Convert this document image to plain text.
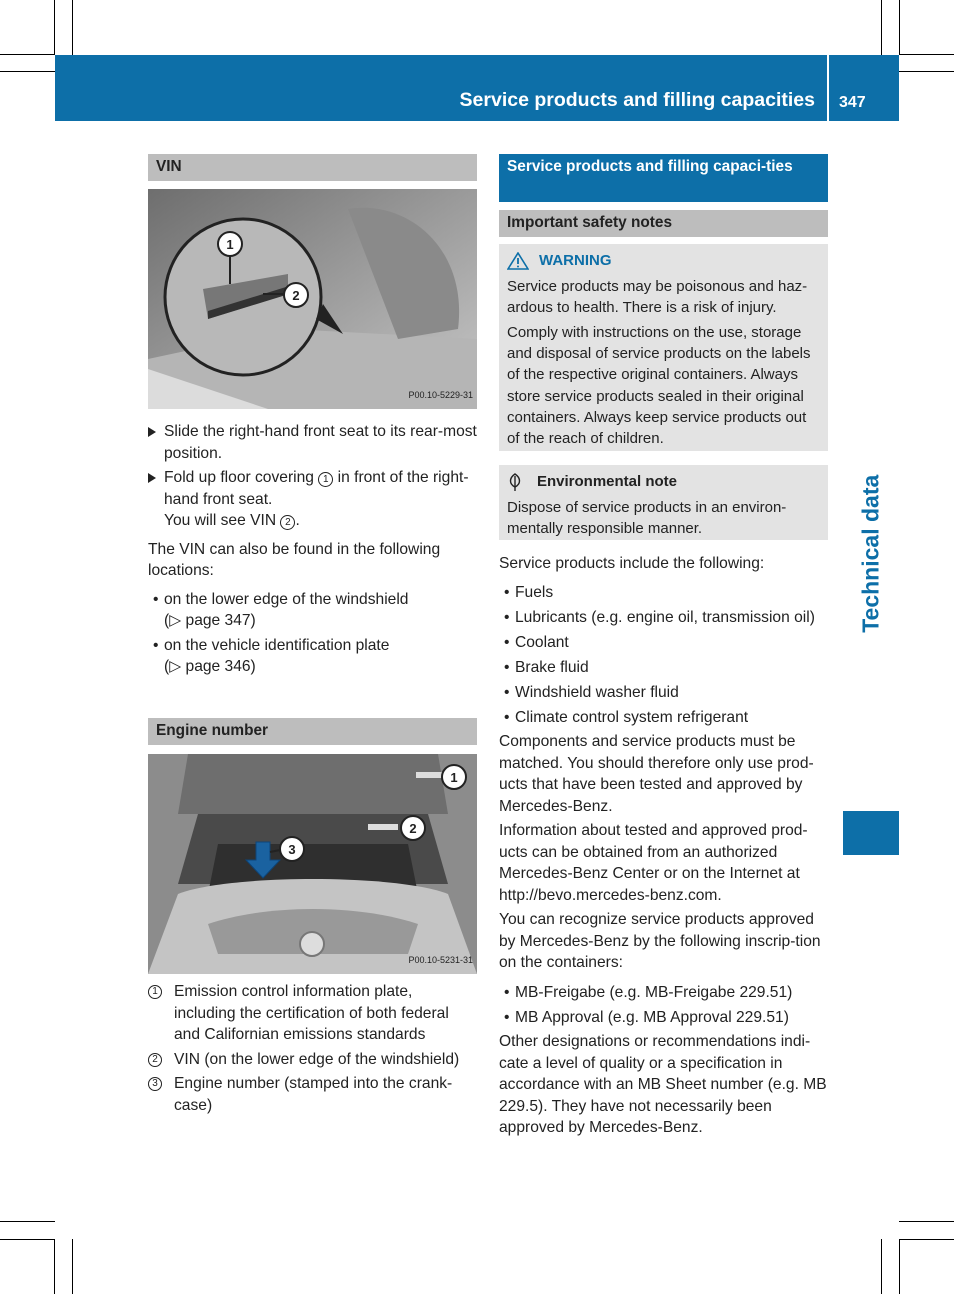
Service products and filling capacities 347
Technical data
VIN
1
2
P00.10-5229-31
Slide the right-hand front seat to its rear-most position.
Fold up floor covering 1 in front of the right-hand front seat.
You will see VIN 2 .

The VIN can also be found in the following locations:

• on the lower edge of the windshield
(▷ page 347)
• on the vehicle identification plate
(▷ page 346)
Engine number
3
1
2
P00.10-5231-31
1 Emission control information plate, including the certification of both federal and Californian emissions standards
2 VIN (on the lower edge of the windshield)
3 Engine number (stamped into the crank-case)
Service products and filling capaci-ties
Important safety notes
WARNING

Service products may be poisonous and haz-ardous to health. There is a risk of injury.

Comply with instructions on the use, storage and disposal of service products on the labels of the respective original containers. Always store service products sealed in their original containers. Always keep service products out of the reach of children.

Environmental note

Dispose of service products in an environ-mentally responsible manner.

Service products include the following:

• Fuels
• Lubricants (e.g. engine oil, transmission oil)
• Coolant
• Brake fluid
• Windshield washer fluid
• Climate control system refrigerant

Components and service products must be matched. You should therefore only use prod-ucts that have been tested and approved by Mercedes-Benz.

Information about tested and approved prod-ucts can be obtained from an authorized Mercedes-Benz Center or on the Internet at http://bevo.mercedes-benz.com.

You can recognize service products approved by Mercedes-Benz by the following inscrip-tion on the containers:

• MB-Freigabe (e.g. MB-Freigabe 229.51)
• MB Approval (e.g. MB Approval 229.51)

Other designations or recommendations indi-cate a level of quality or a specification in accordance with an MB Sheet number (e.g. MB 229.5). They have not necessarily been approved by Mercedes-Benz.
